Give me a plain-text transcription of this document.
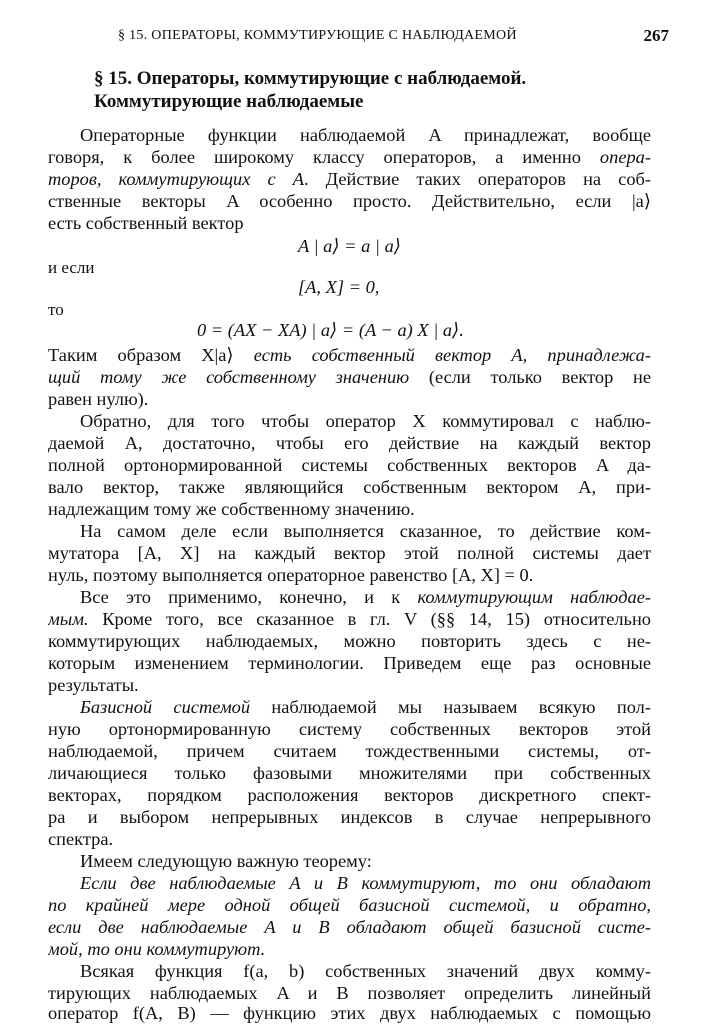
§ 15. ОПЕРАТОРЫ, КОММУТИРУЮЩИЕ С НАБЛЮДАЕМОЙ	267
§ 15. Операторы, коммутирующие с наблюдаемой.
Коммутирующие наблюдаемые
Операторные функции наблюдаемой A принадлежат, вообще
говоря, к более широкому классу операторов, а именно опера-
торов, коммутирующих с A. Действие таких операторов на соб-
ственные векторы A особенно просто. Действительно, если |a⟩
есть собственный вектор
A | a⟩ = a | a⟩
и если
[A, X] = 0,
то
0 = (AX − XA) | a⟩ = (A − a) X | a⟩.
Таким образом X|a⟩ есть собственный вектор A, принадлежа-
щий тому же собственному значению (если только вектор не
равен нулю).
Обратно, для того чтобы оператор X коммутировал с наблю-
даемой A, достаточно, чтобы его действие на каждый вектор
полной ортонормированной системы собственных векторов A да-
вало вектор, также являющийся собственным вектором A, при-
надлежащим тому же собственному значению.
На самом деле если выполняется сказанное, то действие ком-
мутатора [A, X] на каждый вектор этой полной системы дает
нуль, поэтому выполняется операторное равенство [A, X] = 0.
Все это применимо, конечно, и к коммутирующим наблюдае-
мым. Кроме того, все сказанное в гл. V (§§ 14, 15) относительно
коммутирующих наблюдаемых, можно повторить здесь с не-
которым изменением терминологии. Приведем еще раз основные
результаты.
Базисной системой наблюдаемой мы называем всякую пол-
ную ортонормированную систему собственных векторов этой
наблюдаемой, причем считаем тождественными системы, от-
личающиеся только фазовыми множителями при собственных
векторах, порядком расположения векторов дискретного спект-
ра и выбором непрерывных индексов в случае непрерывного
спектра.
Имеем следующую важную теорему:
Если две наблюдаемые A и B коммутируют, то они обладают
по крайней мере одной общей базисной системой, и обратно,
если две наблюдаемые A и B обладают общей базисной систе-
мой, то они коммутируют.
Всякая функция f(a, b) собственных значений двух комму-
тирующих наблюдаемых A и B позволяет определить линейный
оператор f(A, B) — функцию этих двух наблюдаемых с помощью
